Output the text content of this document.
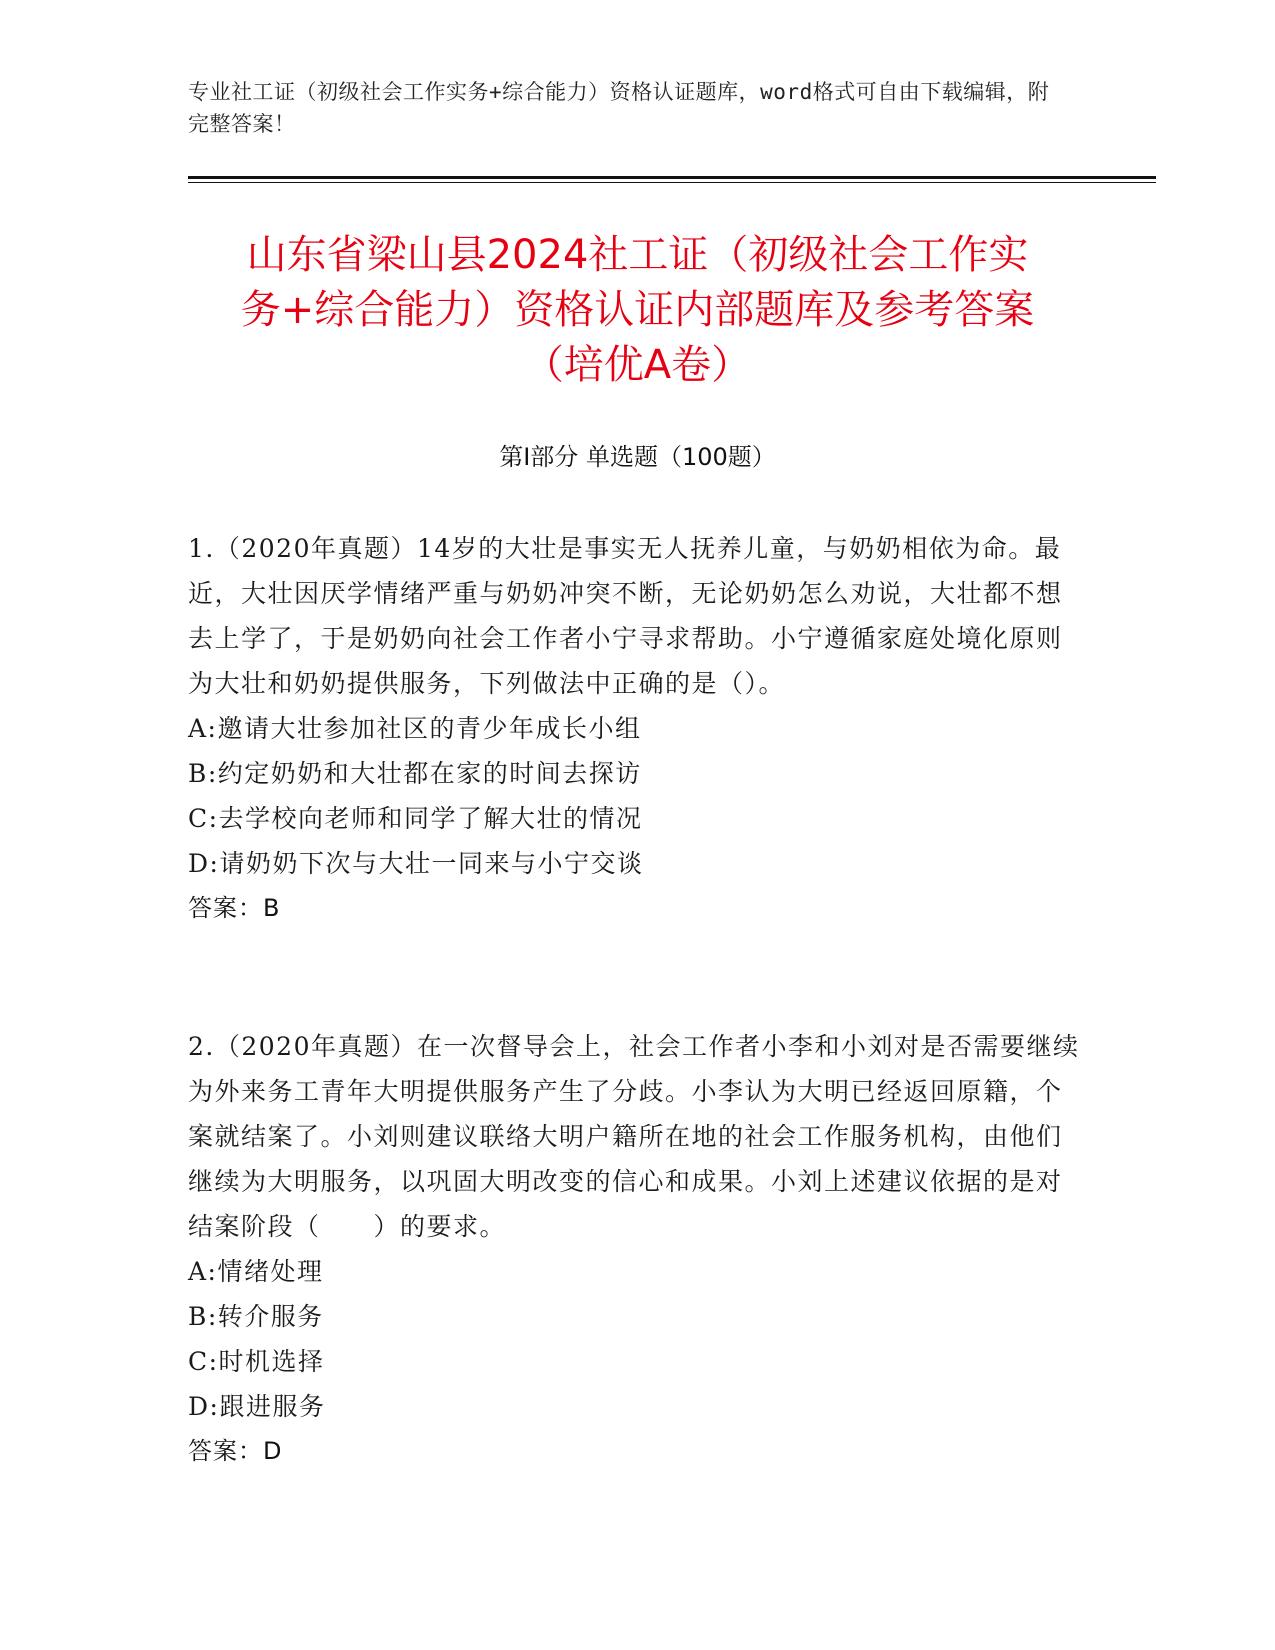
专业社工证（初级社会工作实务+综合能力）资格认证题库，word格式可自由下载编辑，附完整答案！
山东省梁山县2024社工证（初级社会工作实
务+综合能力）资格认证内部题库及参考答案
（培优A卷）
第I部分 单选题（100题）
1.（2020年真题）14岁的大壮是事实无人抚养儿童，与奶奶相依为命。最近，大壮因厌学情绪严重与奶奶冲突不断，无论奶奶怎么劝说，大壮都不想去上学了，于是奶奶向社会工作者小宁寻求帮助。小宁遵循家庭处境化原则为大壮和奶奶提供服务，下列做法中正确的是（）。
A:邀请大壮参加社区的青少年成长小组
B:约定奶奶和大壮都在家的时间去探访
C:去学校向老师和同学了解大壮的情况
D:请奶奶下次与大壮一同来与小宁交谈
答案：B
2.（2020年真题）在一次督导会上，社会工作者小李和小刘对是否需要继续为外来务工青年大明提供服务产生了分歧。小李认为大明已经返回原籍，个案就结案了。小刘则建议联络大明户籍所在地的社会工作服务机构，由他们继续为大明服务，以巩固大明改变的信心和成果。小刘上述建议依据的是对结案阶段（　　）的要求。
A:情绪处理
B:转介服务
C:时机选择
D:跟进服务
答案：D
